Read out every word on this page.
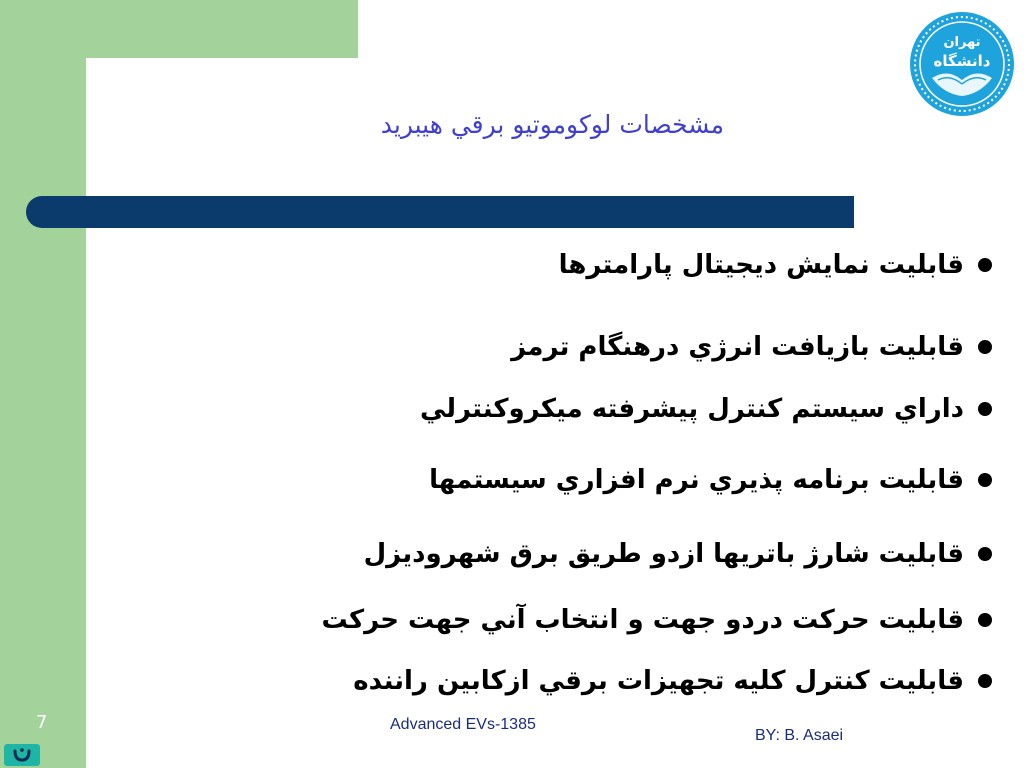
مشخصات لوکوموتیو برقي هیبرید
قابلیت نمایش دیجیتال پارامترها
قابلیت بازیافت انرژي درهنگام ترمز
داراي سیستم کنترل پیشرفته میکروکنترلي
قابلیت برنامه پذیري نرم افزاري سیستمها
قابلیت شارژ باتریها ازدو طریق برق شهروديزل
قابلیت حرکت دردو جهت و انتخاب آني جهت حرکت
قابلیت کنترل کلیه تجهیزات برقي ازکابین راننده
تهران
دانشگاه
7	Advanced EVs-1385
BY: B. Asaei
